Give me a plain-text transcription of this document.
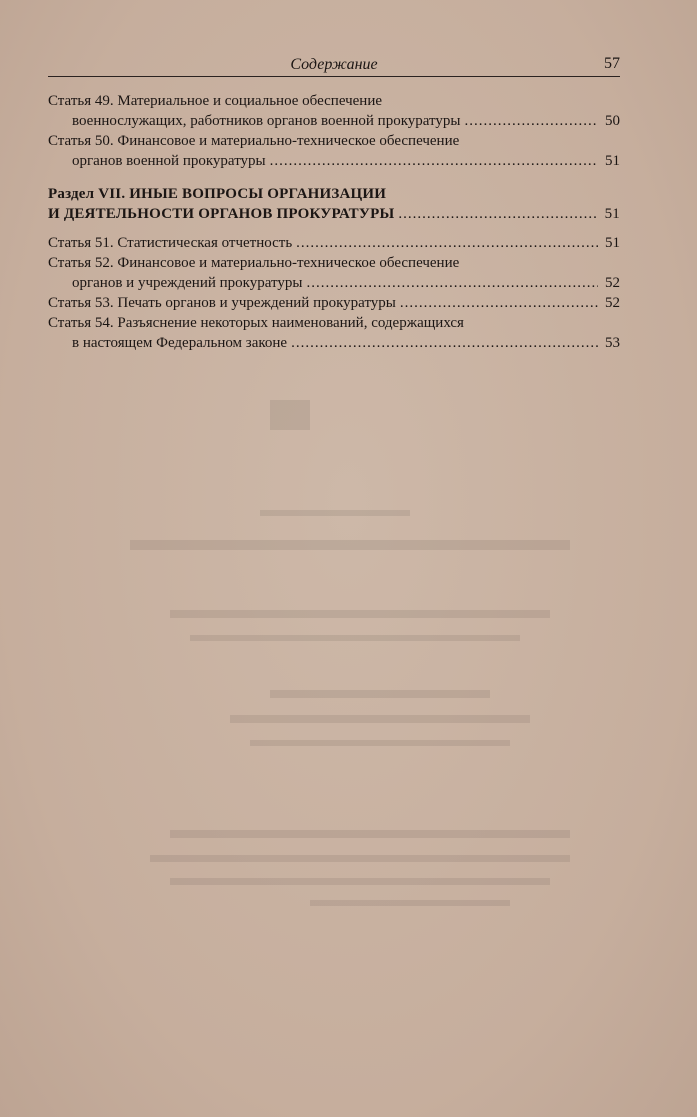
Содержание	57
Статья 49. Материальное и социальное обеспечение
военнослужащих, работников органов военной прокуратуры .....	50
Статья 50. Финансовое и материально-техническое обеспечение
органов военной прокуратуры .....	51
Раздел VII. ИНЫЕ ВОПРОСЫ ОРГАНИЗАЦИИ
И ДЕЯТЕЛЬНОСТИ ОРГАНОВ ПРОКУРАТУРЫ .....	51
Статья 51. Статистическая отчетность .....	51
Статья 52. Финансовое и материально-техническое обеспечение
органов и учреждений прокуратуры .....	52
Статья 53. Печать органов и учреждений прокуратуры .....	52
Статья 54. Разъяснение некоторых наименований, содержащихся
в настоящем Федеральном законе .....	53
